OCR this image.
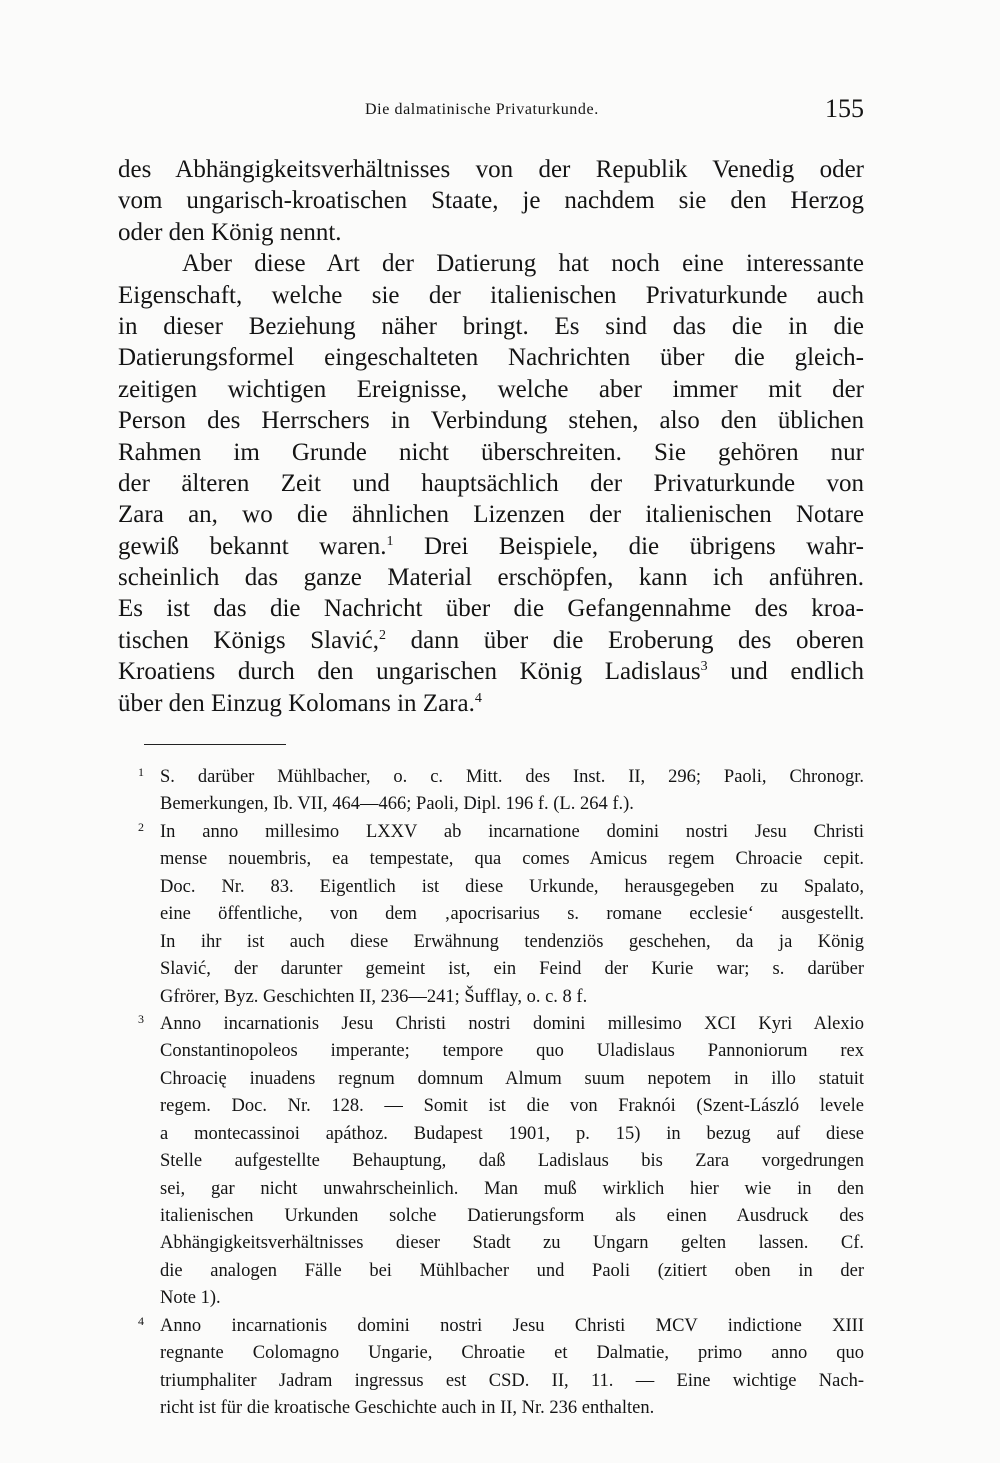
Die dalmatinische Privaturkunde.	155
des Abhängigkeitsverhältnisses von der Republik Venedig oder
vom ungarisch-kroatischen Staate, je nachdem sie den Herzog
oder den König nennt.
Aber diese Art der Datierung hat noch eine interessante
Eigenschaft, welche sie der italienischen Privaturkunde auch
in dieser Beziehung näher bringt. Es sind das die in die
Datierungsformel eingeschalteten Nachrichten über die gleich-
zeitigen wichtigen Ereignisse, welche aber immer mit der
Person des Herrschers in Verbindung stehen, also den üblichen
Rahmen im Grunde nicht überschreiten. Sie gehören nur
der älteren Zeit und hauptsächlich der Privaturkunde von
Zara an, wo die ähnlichen Lizenzen der italienischen Notare
gewiß bekannt waren.$^1$ Drei Beispiele, die übrigens wahr-
scheinlich das ganze Material erschöpfen, kann ich anführen.
Es ist das die Nachricht über die Gefangennahme des kroa-
tischen Königs Slavić,$^2$ dann über die Eroberung des oberen
Kroatiens durch den ungarischen König Ladislaus$^3$ und endlich
über den Einzug Kolomans in Zara.$^4$
1 S. darüber Mühlbacher, o. c. Mitt. des Inst. II, 296; Paoli, Chronogr.
Bemerkungen, Ib. VII, 464—466; Paoli, Dipl. 196 f. (L. 264 f.).
2 In anno millesimo LXXV ab incarnatione domini nostri Jesu Christi
mense nouembris, ea tempestate, qua comes Amicus regem Chroacie cepit.
Doc. Nr. 83. Eigentlich ist diese Urkunde, herausgegeben zu Spalato,
eine öffentliche, von dem ‚apocrisarius s. romane ecclesie‘ ausgestellt.
In ihr ist auch diese Erwähnung tendenziös geschehen, da ja König
Slavić, der darunter gemeint ist, ein Feind der Kurie war; s. darüber
Gfrörer, Byz. Geschichten II, 236—241; Šufflay, o. c. 8 f.
3 Anno incarnationis Jesu Christi nostri domini millesimo XCI Kyri Alexio
Constantinopoleos imperante; tempore quo Uladislaus Pannoniorum rex
Chroacię inuadens regnum domnum Almum suum nepotem in illo statuit
regem. Doc. Nr. 128. — Somit ist die von Fraknói (Szent-László levele
a montecassinoi apáthoz. Budapest 1901, p. 15) in bezug auf diese
Stelle aufgestellte Behauptung, daß Ladislaus bis Zara vorgedrungen
sei, gar nicht unwahrscheinlich. Man muß wirklich hier wie in den
italienischen Urkunden solche Datierungsform als einen Ausdruck des
Abhängigkeitsverhältnisses dieser Stadt zu Ungarn gelten lassen. Cf.
die analogen Fälle bei Mühlbacher und Paoli (zitiert oben in der
Note 1).
4 Anno incarnationis domini nostri Jesu Christi MCV indictione XIII
regnante Colomagno Ungarie, Chroatie et Dalmatie, primo anno quo
triumphaliter Jadram ingressus est CSD. II, 11. — Eine wichtige Nach-
richt ist für die kroatische Geschichte auch in II, Nr. 236 enthalten.
